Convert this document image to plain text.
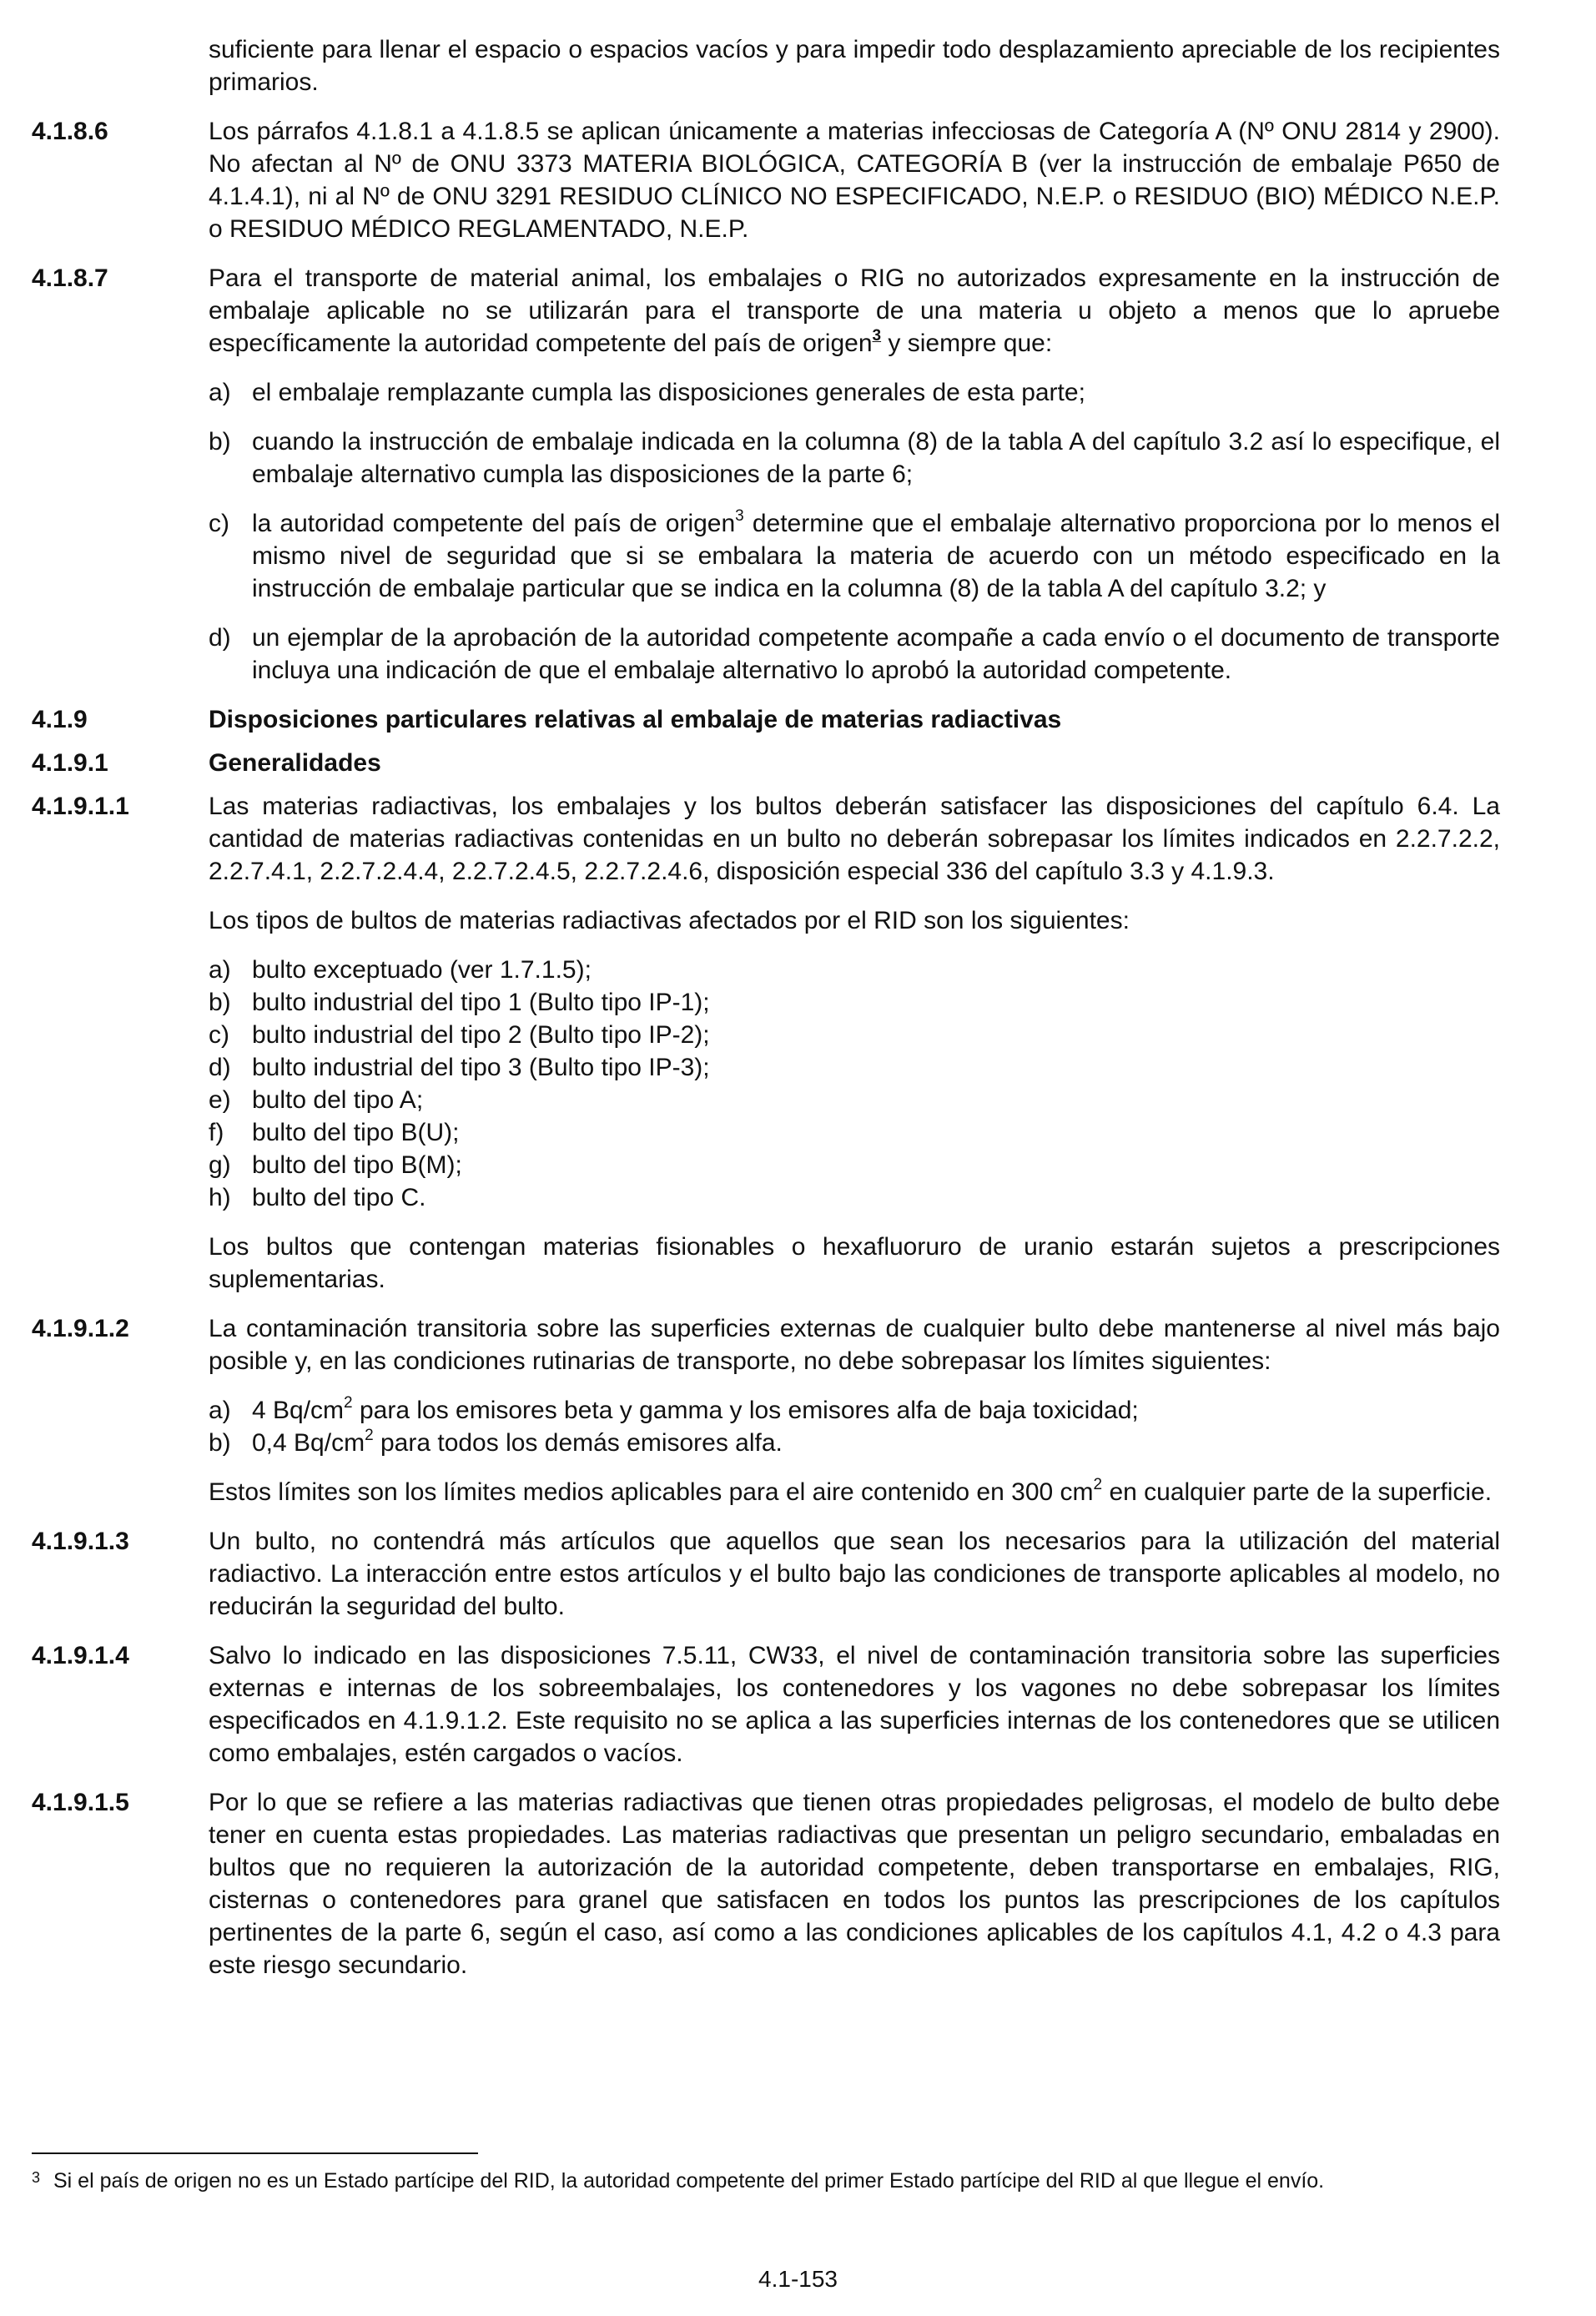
suficiente para llenar el espacio o espacios vacíos y para impedir todo desplazamiento apreciable de los recipientes primarios.

4.1.8.6	Los párrafos 4.1.8.1 a 4.1.8.5 se aplican únicamente a materias infecciosas de Categoría A (Nº ONU 2814 y 2900). No afectan al Nº de ONU 3373 MATERIA BIOLÓGICA, CATEGORÍA B (ver la instrucción de embalaje P650 de 4.1.4.1), ni al Nº de ONU 3291 RESIDUO CLÍNICO NO ESPECIFICADO, N.E.P. o RESIDUO (BIO) MÉDICO N.E.P. o RESIDUO MÉDICO REGLAMENTADO, N.E.P.

4.1.8.7	Para el transporte de material animal, los embalajes o RIG no autorizados expresamente en la instrucción de embalaje aplicable no se utilizarán para el transporte de una materia u objeto a menos que lo apruebe específicamente la autoridad competente del país de origen$^3$ y siempre que:

a) el embalaje remplazante cumpla las disposiciones generales de esta parte;
b) cuando la instrucción de embalaje indicada en la columna (8) de la tabla A del capítulo 3.2 así lo especifique, el embalaje alternativo cumpla las disposiciones de la parte 6;
c) la autoridad competente del país de origen$^3$ determine que el embalaje alternativo proporciona por lo menos el mismo nivel de seguridad que si se embalara la materia de acuerdo con un método especificado en la instrucción de embalaje particular que se indica en la columna (8) de la tabla A del capítulo 3.2; y
d) un ejemplar de la aprobación de la autoridad competente acompañe a cada envío o el documento de transporte incluya una indicación de que el embalaje alternativo lo aprobó la autoridad competente.
4.1.9	Disposiciones particulares relativas al embalaje de materias radiactivas
4.1.9.1	Generalidades
4.1.9.1.1	Las materias radiactivas, los embalajes y los bultos deberán satisfacer las disposiciones del capítulo 6.4. La cantidad de materias radiactivas contenidas en un bulto no deberán sobrepasar los límites indicados en 2.2.7.2.2, 2.2.7.4.1, 2.2.7.2.4.4, 2.2.7.2.4.5, 2.2.7.2.4.6, disposición especial 336 del capítulo 3.3 y 4.1.9.3.

Los tipos de bultos de materias radiactivas afectados por el RID son los siguientes:

a) bulto exceptuado (ver 1.7.1.5);
b) bulto industrial del tipo 1 (Bulto tipo IP-1);
c) bulto industrial del tipo 2 (Bulto tipo IP-2);
d) bulto industrial del tipo 3 (Bulto tipo IP-3);
e) bulto del tipo A;
f) bulto del tipo B(U);
g) bulto del tipo B(M);
h) bulto del tipo C.

Los bultos que contengan materias fisionables o hexafluoruro de uranio estarán sujetos a prescripciones suplementarias.

4.1.9.1.2	La contaminación transitoria sobre las superficies externas de cualquier bulto debe mantenerse al nivel más bajo posible y, en las condiciones rutinarias de transporte, no debe sobrepasar los límites siguientes:

a) 4 $Bq/cm^2$ para los emisores beta y gamma y los emisores alfa de baja toxicidad;
b) 0,4 $Bq/cm^2$ para todos los demás emisores alfa.

Estos límites son los límites medios aplicables para el aire contenido en 300 $cm^2$ en cualquier parte de la superficie.

4.1.9.1.3	Un bulto, no contendrá más artículos que aquellos que sean los necesarios para la utilización del material radiactivo. La interacción entre estos artículos y el bulto bajo las condiciones de transporte aplicables al modelo, no reducirán la seguridad del bulto.

4.1.9.1.4	Salvo lo indicado en las disposiciones 7.5.11, CW33, el nivel de contaminación transitoria sobre las superficies externas e internas de los sobreembalajes, los contenedores y los vagones no debe sobrepasar los límites especificados en 4.1.9.1.2. Este requisito no se aplica a las superficies internas de los contenedores que se utilicen como embalajes, estén cargados o vacíos.

4.1.9.1.5	Por lo que se refiere a las materias radiactivas que tienen otras propiedades peligrosas, el modelo de bulto debe tener en cuenta estas propiedades. Las materias radiactivas que presentan un peligro secundario, embaladas en bultos que no requieren la autorización de la autoridad competente, deben transportarse en embalajes, RIG, cisternas o contenedores para granel que satisfacen en todos los puntos las prescripciones de los capítulos pertinentes de la parte 6, según el caso, así como a las condiciones aplicables de los capítulos 4.1, 4.2 o 4.3 para este riesgo secundario.

3 Si el país de origen no es un Estado partícipe del RID, la autoridad competente del primer Estado partícipe del RID al que llegue el envío.
4.1-153
